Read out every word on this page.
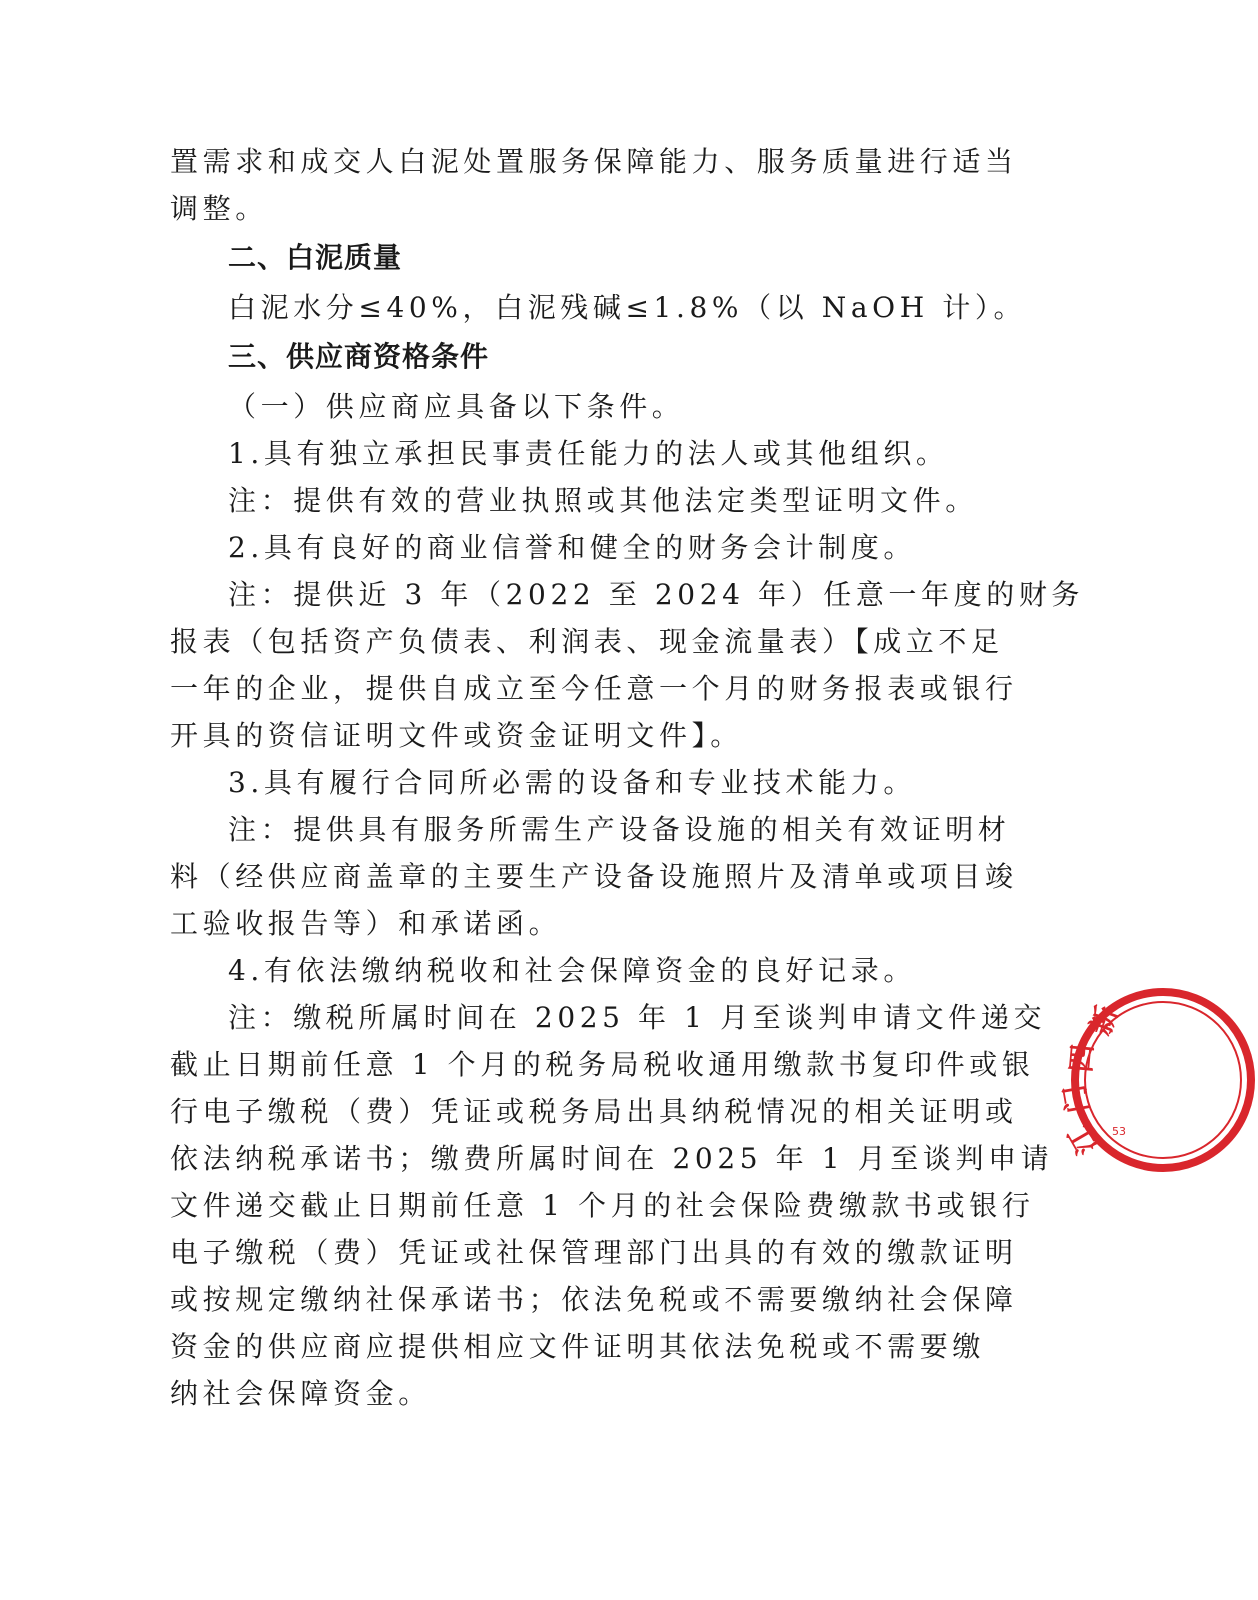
置需求和成交人白泥处置服务保障能力、服务质量进行适当
调整。
二、白泥质量
白泥水分≤40%，白泥残碱≤1.8%（以 NaOH 计）。
三、供应商资格条件
（一）供应商应具备以下条件。
1.具有独立承担民事责任能力的法人或其他组织。
注：提供有效的营业执照或其他法定类型证明文件。
2.具有良好的商业信誉和健全的财务会计制度。
注：提供近 3 年（2022 至 2024 年）任意一年度的财务
报表（包括资产负债表、利润表、现金流量表）【成立不足
一年的企业，提供自成立至今任意一个月的财务报表或银行
开具的资信证明文件或资金证明文件】。
3.具有履行合同所必需的设备和专业技术能力。
注：提供具有服务所需生产设备设施的相关有效证明材
料（经供应商盖章的主要生产设备设施照片及清单或项目竣
工验收报告等）和承诺函。
4.有依法缴纳税收和社会保障资金的良好记录。
注：缴税所属时间在 2025 年 1 月至谈判申请文件递交
截止日期前任意 1 个月的税务局税收通用缴款书复印件或银
行电子缴税（费）凭证或税务局出具纳税情况的相关证明或
依法纳税承诺书；缴费所属时间在 2025 年 1 月至谈判申请
文件递交截止日期前任意 1 个月的社会保险费缴款书或银行
电子缴税（费）凭证或社保管理部门出具的有效的缴款证明
或按规定缴纳社保承诺书；依法免税或不需要缴纳社会保障
资金的供应商应提供相应文件证明其依法免税或不需要缴
纳社会保障资金。
新
四
门
江 53
